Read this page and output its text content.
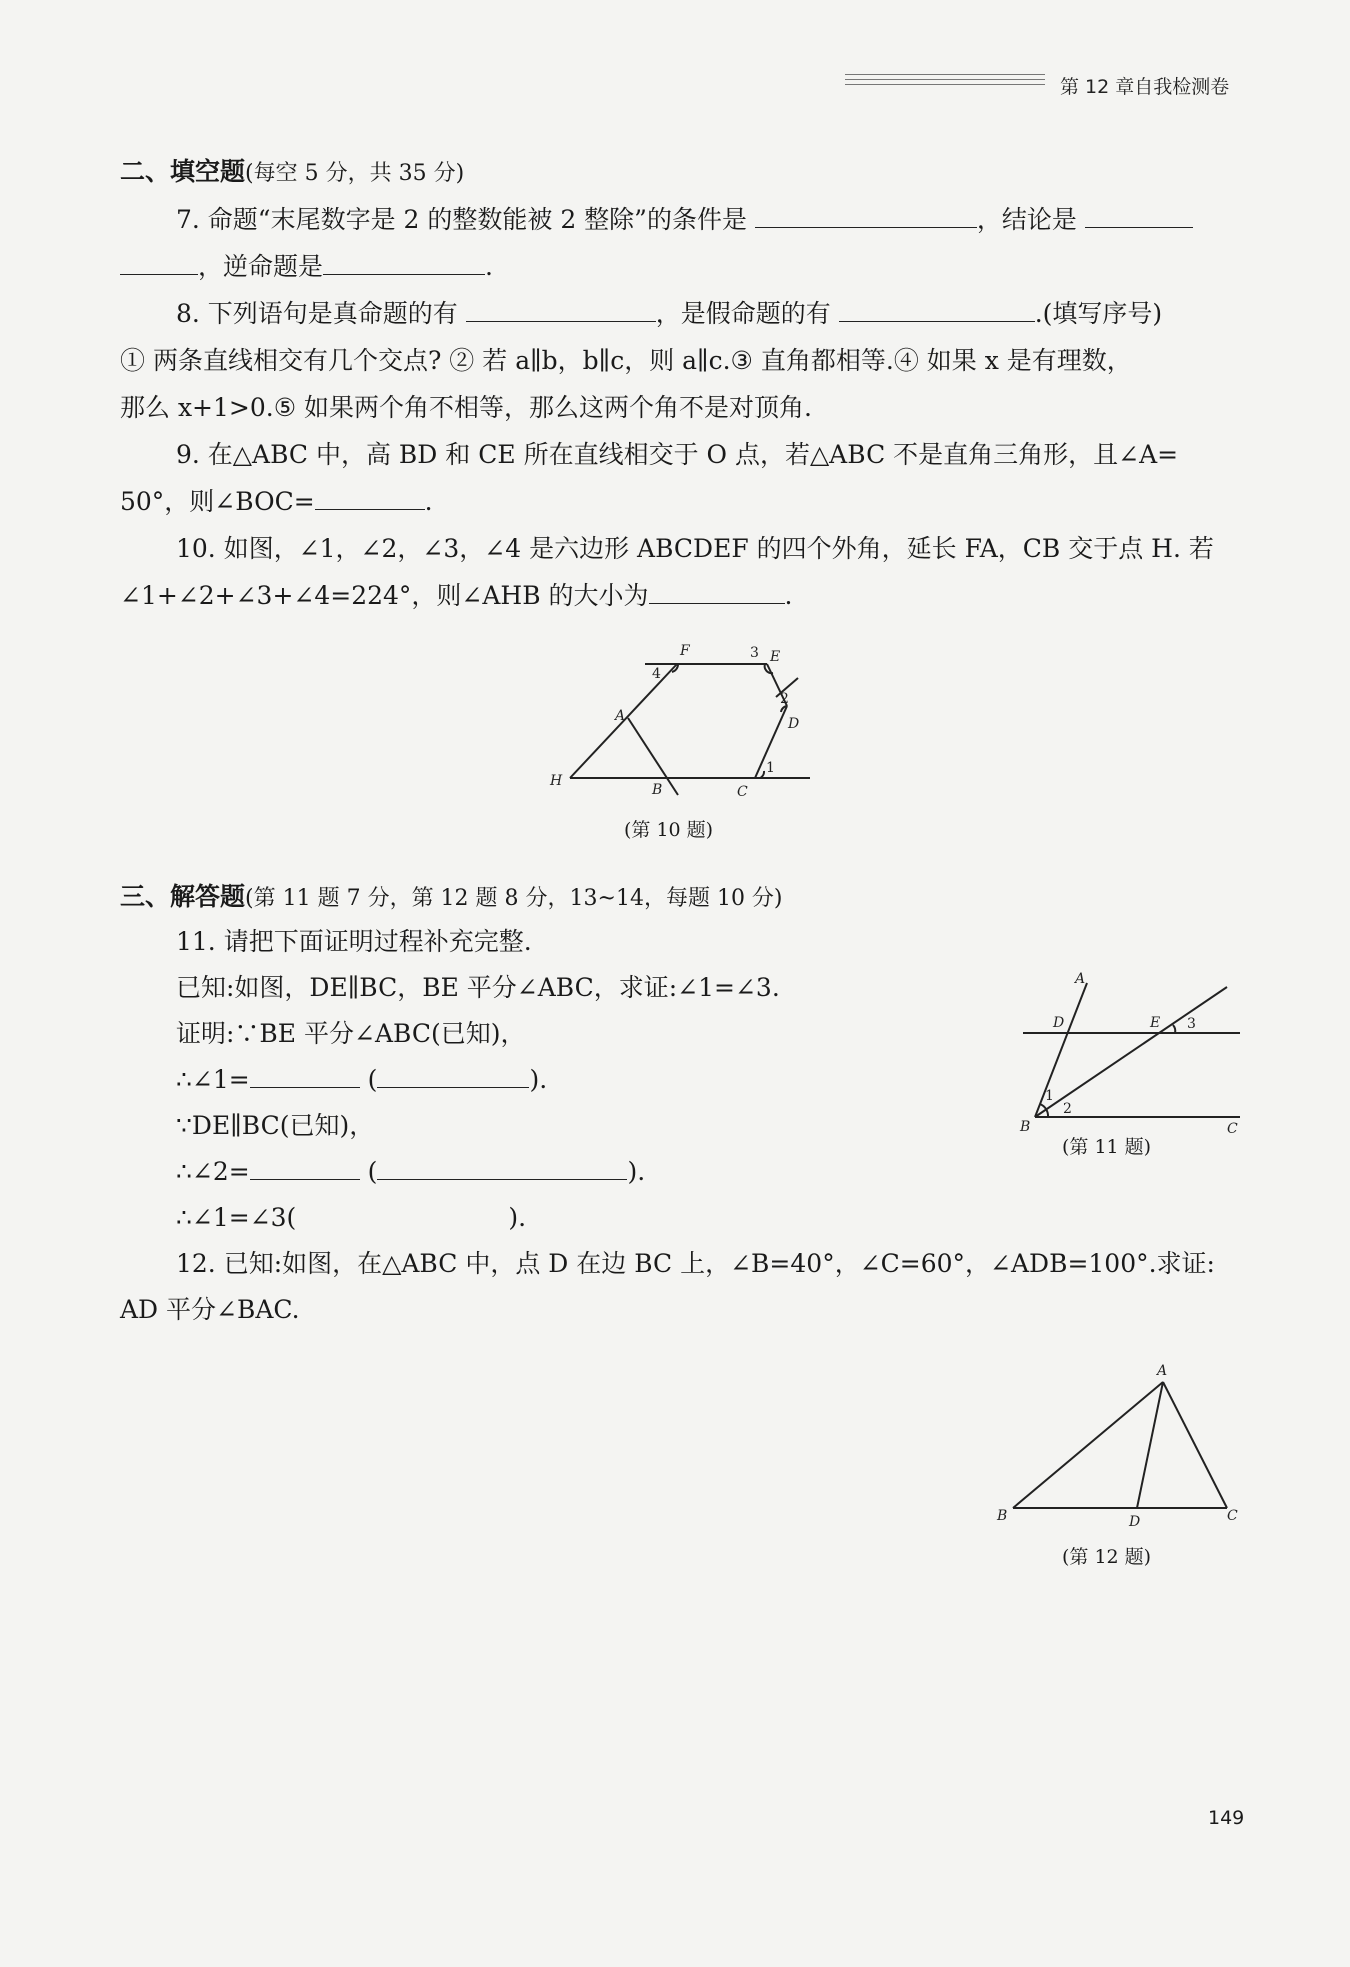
第 12 章自我检测卷
二、填空题(每空 5 分，共 35 分)
7. 命题“末尾数字是 2 的整数能被 2 整除”的条件是	，结论是
，逆命题是	.
8. 下列语句是真命题的有	，是假命题的有	.(填写序号)
① 两条直线相交有几个交点? ② 若 a∥b，b∥c，则 a∥c.③ 直角都相等.④ 如果 x 是有理数，
那么 x+1>0.⑤ 如果两个角不相等，那么这两个角不是对顶角.
9. 在△ABC 中，高 BD 和 CE 所在直线相交于 O 点，若△ABC 不是直角三角形，且∠A=
50°，则∠BOC=	.
10. 如图，∠1，∠2，∠3，∠4 是六边形 ABCDEF 的四个外角，延长 FA，CB 交于点 H. 若
∠1+∠2+∠3+∠4=224°，则∠AHB 的大小为	.
F	E
D
C
B
A
H
1
2
3
4
(第 10 题)
三、解答题(第 11 题 7 分，第 12 题 8 分，13~14，每题 10 分)
11. 请把下面证明过程补充完整.
已知:如图，DE∥BC，BE 平分∠ABC，求证:∠1=∠3.
证明:∵BE 平分∠ABC(已知)，
∴∠1=	(	).
∵DE∥BC(已知)，
∴∠2=	(	).
∴∠1=∠3(	).
A
D	E
B	C
1
2
3
(第 11 题)
12. 已知:如图，在△ABC 中，点 D 在边 BC 上，∠B=40°，∠C=60°，∠ADB=100°.求证:
AD 平分∠BAC.
A
B	C
D
(第 12 题)
149
